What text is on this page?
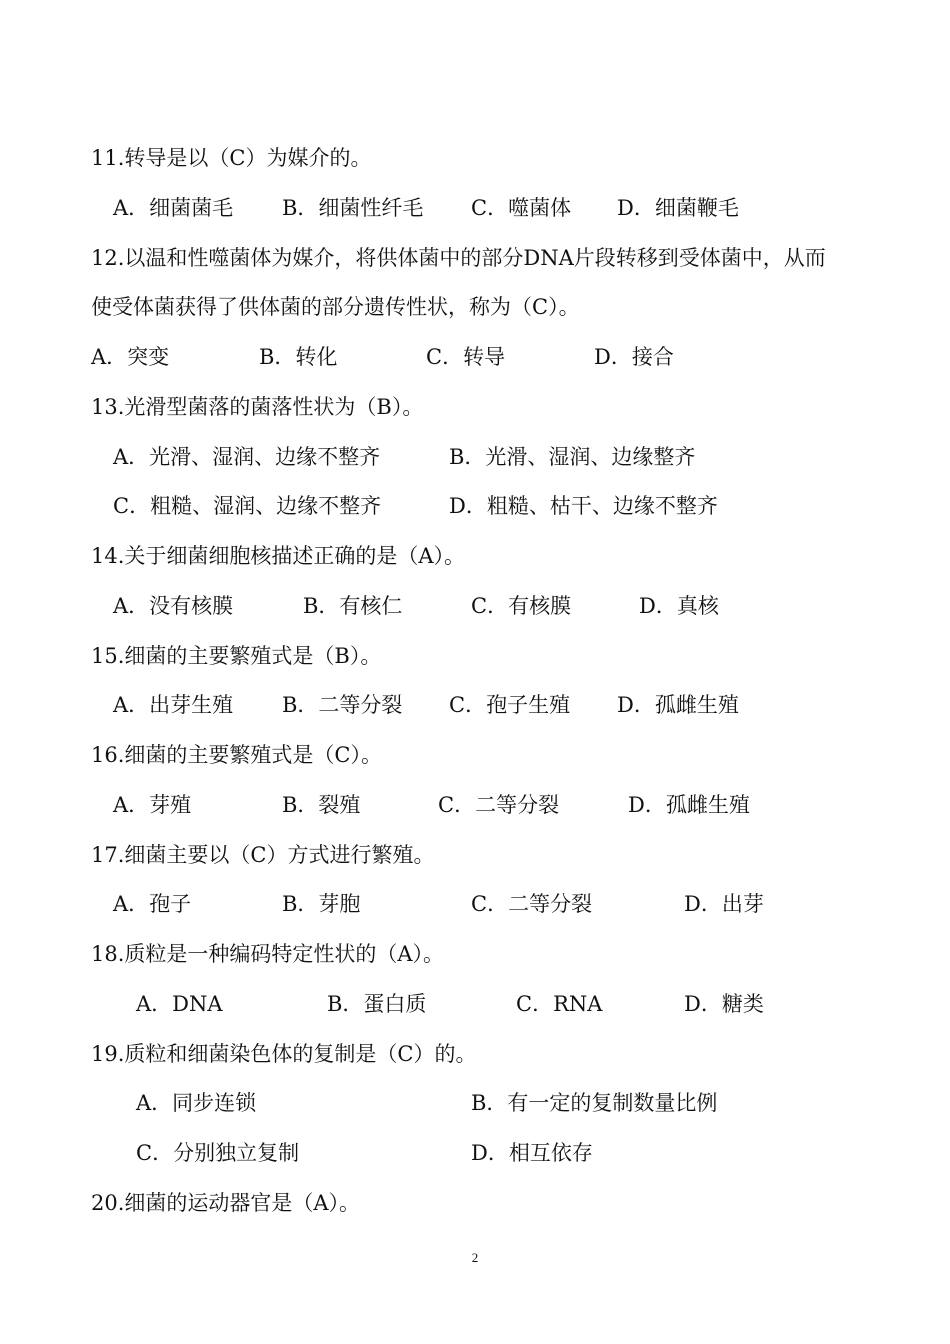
11.转导是以（C）为媒介的。
A．细菌菌毛 B．细菌性纤毛 C．噬菌体 D．细菌鞭毛
12.以温和性噬菌体为媒介，将供体菌中的部分DNA片段转移到受体菌中，从而
使受体菌获得了供体菌的部分遗传性状，称为（C）。
A．突变	B．转化	C．转导	D．接合
13.光滑型菌落的菌落性状为（B）。
A．光滑、湿润、边缘不整齐	B．光滑、湿润、边缘整齐
C．粗糙、湿润、边缘不整齐	D．粗糙、枯干、边缘不整齐
14.关于细菌细胞核描述正确的是（A）。
A．没有核膜	B．有核仁	C．有核膜	D．真核
15.细菌的主要繁殖式是（B）。
A．出芽生殖 B．二等分裂 C．孢子生殖 D．孤雌生殖
16.细菌的主要繁殖式是（C）。
A．芽殖	B．裂殖	C．二等分裂	D．孤雌生殖
17.细菌主要以（C）方式进行繁殖。
A．孢子	B．芽胞	C．二等分裂	D．出芽
18.质粒是一种编码特定性状的（A）。
A．DNA	B．蛋白质	C．RNA	D．糖类
19.质粒和细菌染色体的复制是（C）的。
A．同步连锁	B．有一定的复制数量比例
C．分别独立复制	D．相互依存
20.细菌的运动器官是（A）。
2
